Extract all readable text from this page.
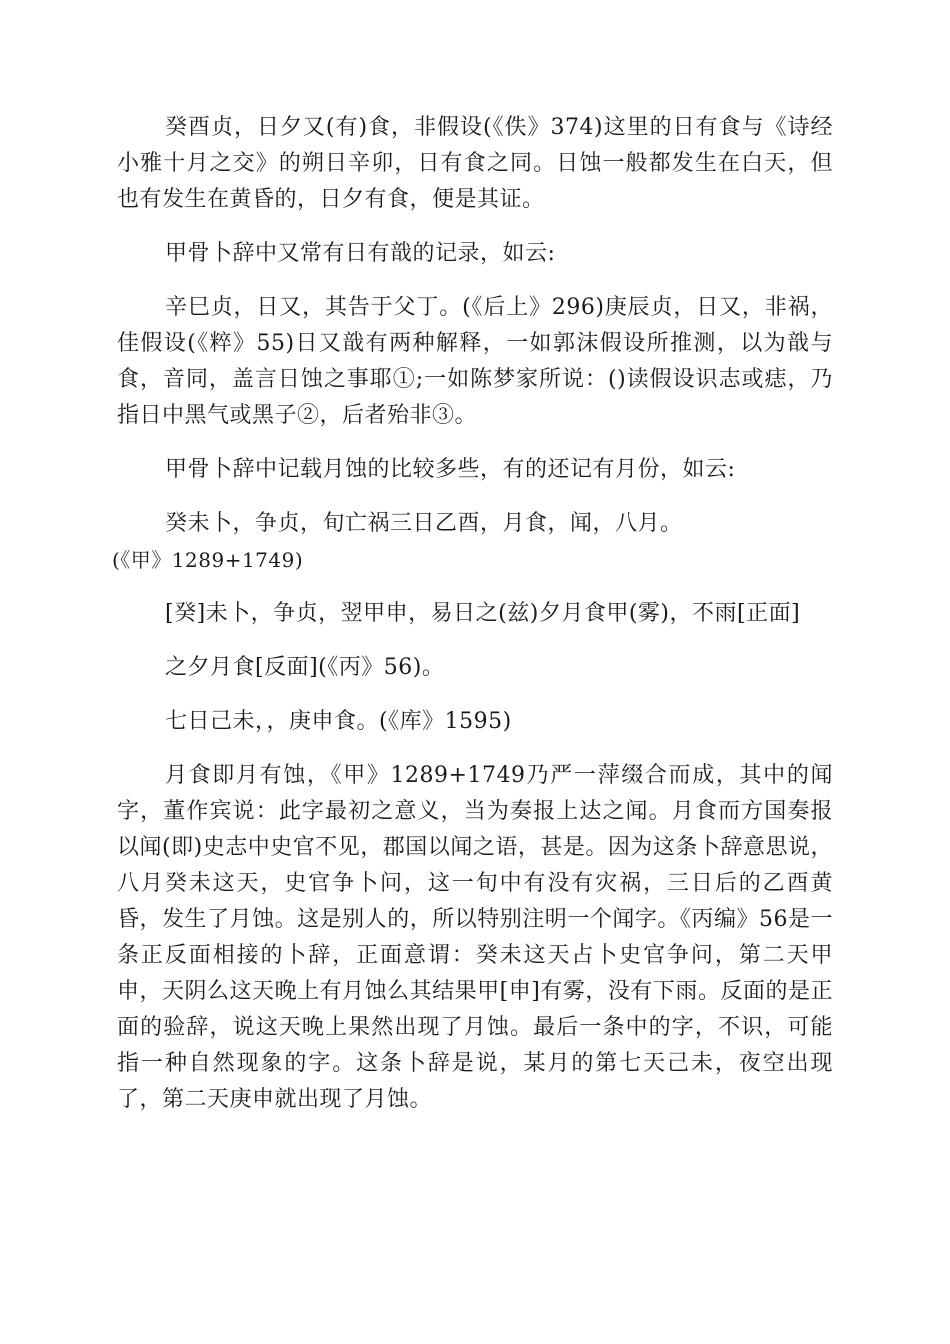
癸酉贞，日夕又(有)食，非假设(《佚》374)这里的日有食与《诗经小雅十月之交》的朔日辛卯，日有食之同。日蚀一般都发生在白天，但也有发生在黄昏的，日夕有食，便是其证。

甲骨卜辞中又常有日有戠的记录，如云:

辛巳贞，日又，其告于父丁。(《后上》296)庚辰贞，日又，非祸，佳假设(《粹》55)日又戠有两种解释，一如郭沫假设所推测，以为戠与食，音同，盖言日蚀之事耶①;一如陈梦家所说：()读假设识志或痣，乃指日中黑气或黑子②，后者殆非③。

甲骨卜辞中记载月蚀的比较多些，有的还记有月份，如云:

癸未卜，争贞，旬亡祸三日乙酉，月食，闻，八月。

(《甲》1289+1749)

[癸]未卜，争贞，翌甲申，易日之(兹)夕月食甲(雾)，不雨[正面]

之夕月食[反面](《丙》56)。

七日己未，，庚申食。(《库》1595)

月食即月有蚀，《甲》1289+1749乃严一萍缀合而成，其中的闻字，董作宾说：此字最初之意义，当为奏报上达之闻。月食而方国奏报以闻(即)史志中史官不见，郡国以闻之语，甚是。因为这条卜辞意思说，八月癸未这天，史官争卜问，这一旬中有没有灾祸，三日后的乙酉黄昏，发生了月蚀。这是别人的，所以特别注明一个闻字。《丙编》56是一条正反面相接的卜辞，正面意谓：癸未这天占卜史官争问，第二天甲申，天阴么这天晚上有月蚀么其结果甲[申]有雾，没有下雨。反面的是正面的验辞，说这天晚上果然出现了月蚀。最后一条中的字，不识，可能指一种自然现象的字。这条卜辞是说，某月的第七天己未，夜空出现了，第二天庚申就出现了月蚀。
